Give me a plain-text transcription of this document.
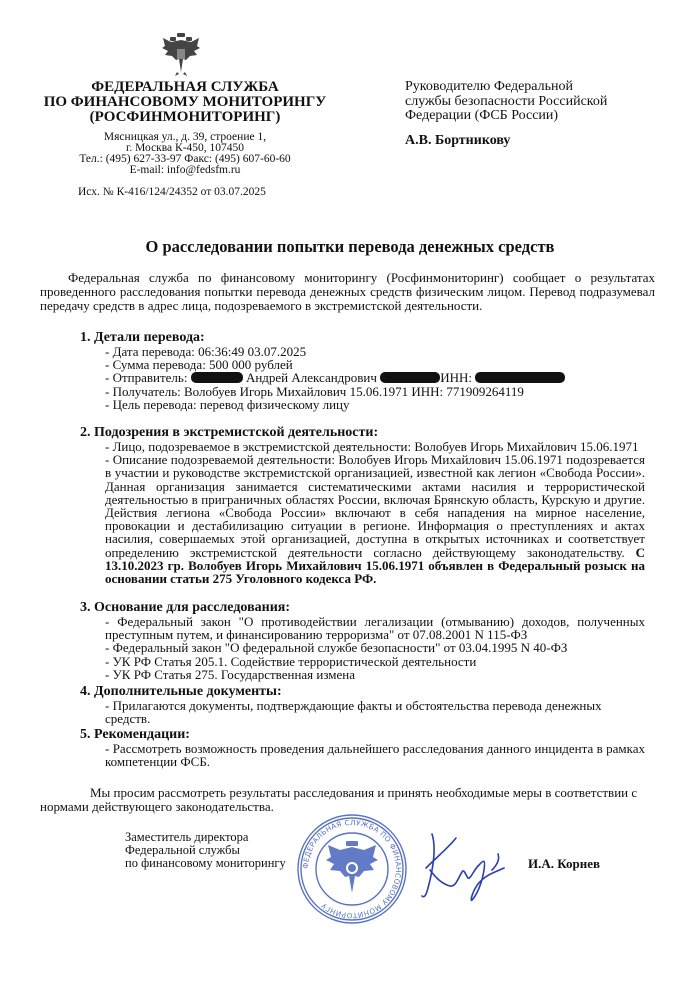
ФЕДЕРАЛЬНАЯ СЛУЖБА
ПО ФИНАНСОВОМУ МОНИТОРИНГУ
(РОСФИНМОНИТОРИНГ)
Мясницкая ул., д. 39, строение 1,
г. Москва К-450, 107450
Тел.: (495) 627-33-97 Факс: (495) 607-60-60
E-mail: info@fedsfm.ru
Исх. № К-416/124/24352 от 03.07.2025
Руководителю Федеральной
службы безопасности Российской
Федерации (ФСБ России)
А.В. Бортникову
О расследовании попытки перевода денежных средств
Федеральная служба по финансовому мониторингу (Росфинмониторинг) сообщает о результатах проведенного расследования попытки перевода денежных средств физическим лицом. Перевод подразумевал передачу средств в адрес лица, подозреваемого в экстремистской деятельности.
1. Детали перевода:
- Дата перевода: 06:36:49 03.07.2025
- Сумма перевода: 500 000 рублей
- Отправитель:	Андрей Александрович	ИНН:
- Получатель: Волобуев Игорь Михайлович 15.06.1971 ИНН: 771909264119
- Цель перевода: перевод физическому лицу
2. Подозрения в экстремистской деятельности:
- Лицо, подозреваемое в экстремистской деятельности: Волобуев Игорь Михайлович 15.06.1971
- Описание подозреваемой деятельности: Волобуев Игорь Михайлович 15.06.1971 подозревается в участии и руководстве экстремистской организацией, известной как легион «Свобода России». Данная организация занимается систематическими актами насилия и террористической деятельностью в приграничных областях России, включая Брянскую область, Курскую и другие. Действия легиона «Свобода России» включают в себя нападения на мирное население, провокации и дестабилизацию ситуации в регионе. Информация о преступлениях и актах насилия, совершаемых этой организацией, доступна в открытых источниках и соответствует определению экстремистской деятельности согласно действующему законодательству. С 13.10.2023 гр. Волобуев Игорь Михайлович 15.06.1971 объявлен в Федеральный розыск на основании статьи 275 Уголовного кодекса РФ.
3. Основание для расследования:
- Федеральный закон "О противодействии легализации (отмыванию) доходов, полученных преступным путем, и финансированию терроризма" от 07.08.2001 N 115-ФЗ
- Федеральный закон "О федеральной службе безопасности" от 03.04.1995 N 40-ФЗ
- УК РФ Статья 205.1. Содействие террористической деятельности
- УК РФ Статья 275. Государственная измена
4. Дополнительные документы:
- Прилагаются документы, подтверждающие факты и обстоятельства перевода денежных средств.
5. Рекомендации:
- Рассмотреть возможность проведения дальнейшего расследования данного инцидента в рамках компетенции ФСБ.
Мы просим рассмотреть результаты расследования и принять необходимые меры в соответствии с нормами действующего законодательства.
Заместитель директора
Федеральной службы
по финансовому мониторингу ФЕДЕРАЛЬНАЯ СЛУЖБА ПО ФИНАНСОВОМУ МОНИТОРИНГУ
И.А. Корнев
